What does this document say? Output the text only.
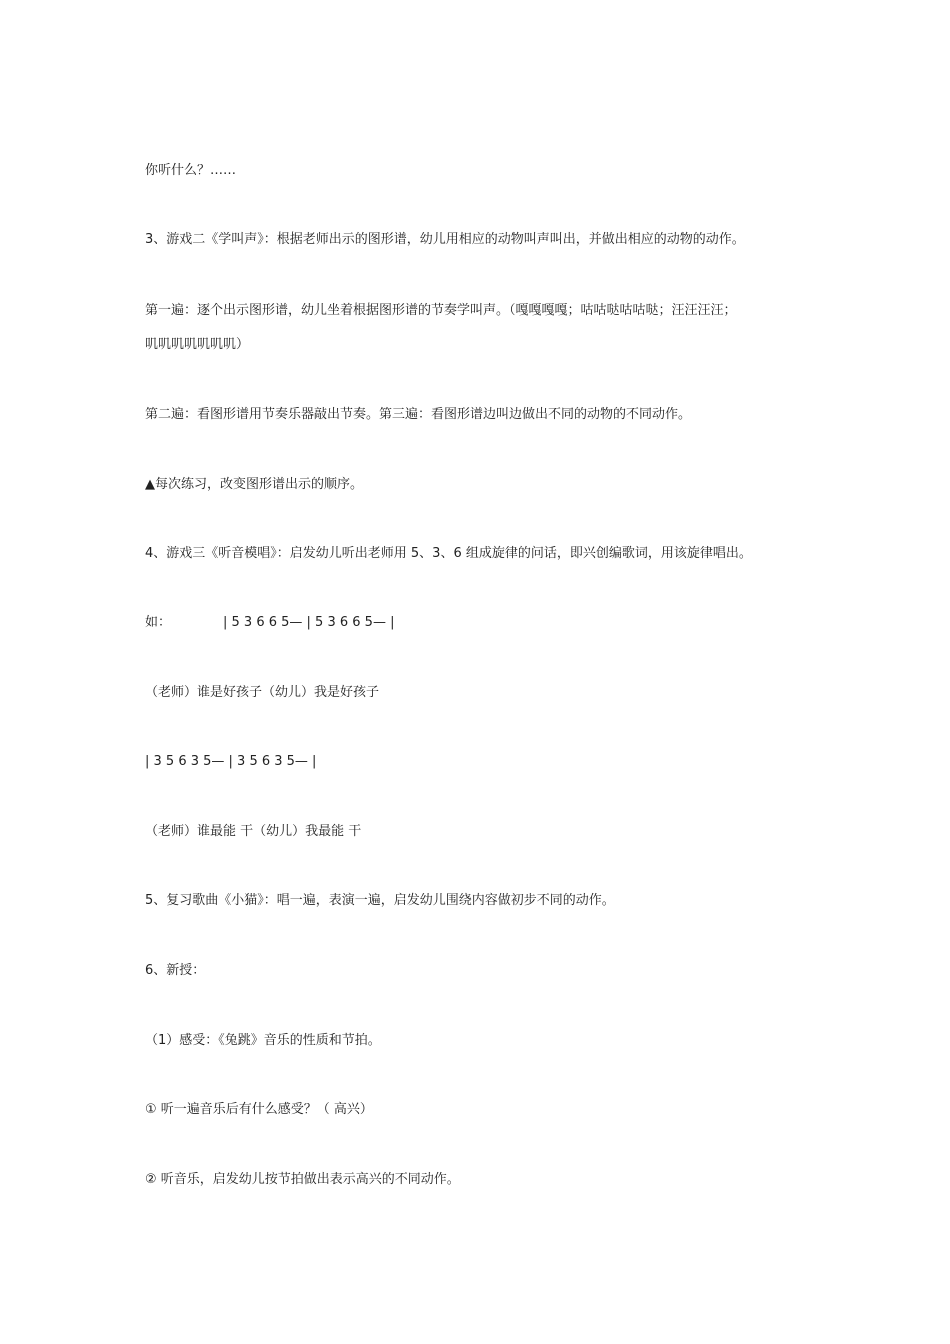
你听什么？……
3、游戏二《学叫声》：根据老师出示的图形谱，幼儿用相应的动物叫声叫出，并做出相应的动物的动作。
第一遍：逐个出示图形谱，幼儿坐着根据图形谱的节奏学叫声。（嘎嘎嘎嘎；咕咕哒咕咕哒；汪汪汪汪；
叽叽叽叽叽叽叽）
第二遍：看图形谱用节奏乐器敲出节奏。第三遍：看图形谱边叫边做出不同的动物的不同动作。
▲每次练习，改变图形谱出示的顺序。
4、游戏三《听音模唱》：启发幼儿听出老师用 5、3、6 组成旋律的问话，即兴创编歌词，用该旋律唱出。
如：	| 5 3 6 6 5— | 5 3 6 6 5— |
（老师）谁是好孩子（幼儿）我是好孩子
| 3 5 6 3 5— | 3 5 6 3 5— |
（老师）谁最能 干（幼儿）我最能 干
5、复习歌曲《小猫》：唱一遍，表演一遍，启发幼儿围绕内容做初步不同的动作。
6、新授：
（1）感受：《兔跳》音乐的性质和节拍。
① 听一遍音乐后有什么感受？（ 高兴）
② 听音乐，启发幼儿按节拍做出表示高兴的不同动作。
